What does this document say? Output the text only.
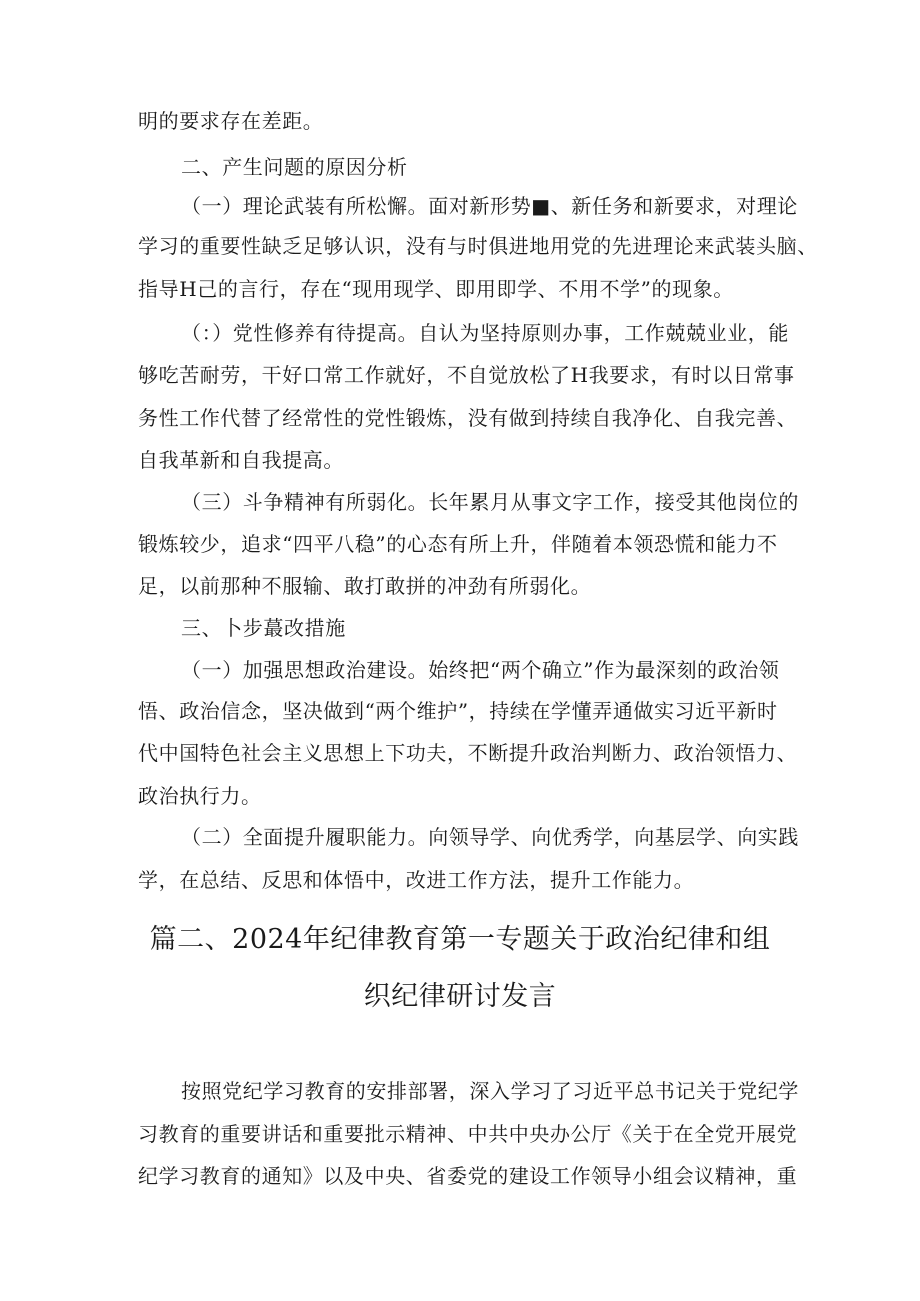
明的要求存在差距。
二、产生问题的原因分析
（一）理论武装有所松懈。面对新形势■、新任务和新要求，对理论
学习的重要性缺乏足够认识，没有与时俱进地用党的先进理论来武装头脑、
指导H己的言行，存在“现用现学、即用即学、不用不学”的现象。
（：）党性修养有待提高。自认为坚持原则办事，工作兢兢业业，能
够吃苦耐劳，干好口常工作就好，不自觉放松了H我要求，有时以日常事
务性工作代替了经常性的党性锻炼，没有做到持续自我净化、自我完善、
自我革新和自我提高。
（三）斗争精神有所弱化。长年累月从事文字工作，接受其他岗位的
锻炼较少，追求“四平八稳”的心态有所上升，伴随着本领恐慌和能力不
足，以前那种不服输、敢打敢拼的冲劲有所弱化。
三、卜步蕞改措施
（一）加强思想政治建设。始终把“两个确立”作为最深刻的政治领
悟、政治信念，坚决做到“两个维护”，持续在学懂弄通做实习近平新时
代中国特色社会主义思想上下功夫，不断提升政治判断力、政治领悟力、
政治执行力。
（二）全面提升履职能力。向领导学、向优秀学，向基层学、向实践
学，在总结、反思和体悟中，改进工作方法，提升工作能力。
篇二、2024年纪律教育第一专题关于政治纪律和组
织纪律研讨发言
按照党纪学习教育的安排部署，深入学习了习近平总书记关于党纪学
习教育的重要讲话和重要批示精神、中共中央办公厅《关于在全党开展党
纪学习教育的通知》以及中央、省委党的建设工作领导小组会议精神，重
